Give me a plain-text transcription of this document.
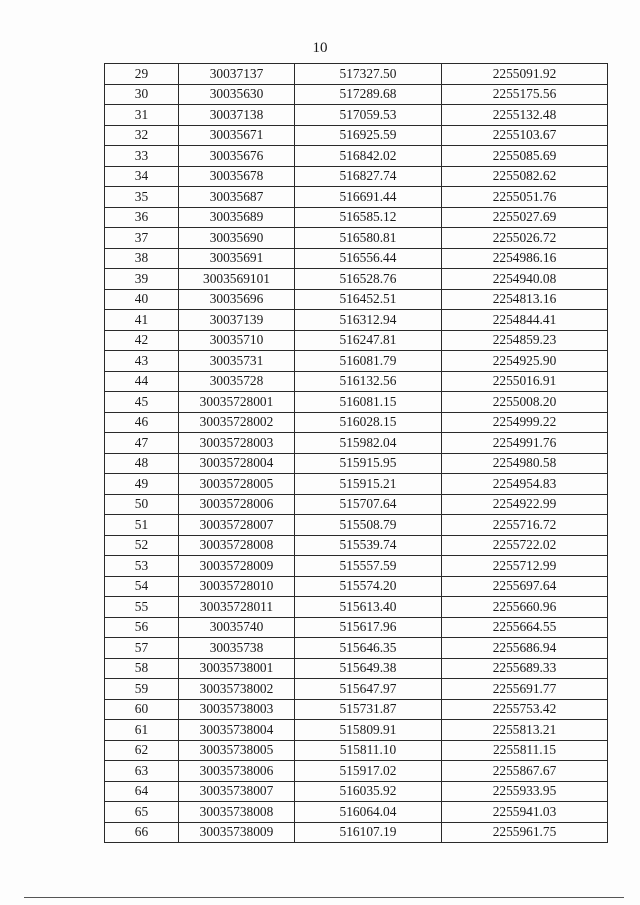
10
29	30037137	517327.50	2255091.92
30	30035630	517289.68	2255175.56
31	30037138	517059.53	2255132.48
32	30035671	516925.59	2255103.67
33	30035676	516842.02	2255085.69
34	30035678	516827.74	2255082.62
35	30035687	516691.44	2255051.76
36	30035689	516585.12	2255027.69
37	30035690	516580.81	2255026.72
38	30035691	516556.44	2254986.16
39	3003569101	516528.76	2254940.08
40	30035696	516452.51	2254813.16
41	30037139	516312.94	2254844.41
42	30035710	516247.81	2254859.23
43	30035731	516081.79	2254925.90
44	30035728	516132.56	2255016.91
45	30035728001	516081.15	2255008.20
46	30035728002	516028.15	2254999.22
47	30035728003	515982.04	2254991.76
48	30035728004	515915.95	2254980.58
49	30035728005	515915.21	2254954.83
50	30035728006	515707.64	2254922.99
51	30035728007	515508.79	2255716.72
52	30035728008	515539.74	2255722.02
53	30035728009	515557.59	2255712.99
54	30035728010	515574.20	2255697.64
55	30035728011	515613.40	2255660.96
56	30035740	515617.96	2255664.55
57	30035738	515646.35	2255686.94
58	30035738001	515649.38	2255689.33
59	30035738002	515647.97	2255691.77
60	30035738003	515731.87	2255753.42
61	30035738004	515809.91	2255813.21
62	30035738005	515811.10	2255811.15
63	30035738006	515917.02	2255867.67
64	30035738007	516035.92	2255933.95
65	30035738008	516064.04	2255941.03
66	30035738009	516107.19	2255961.75
